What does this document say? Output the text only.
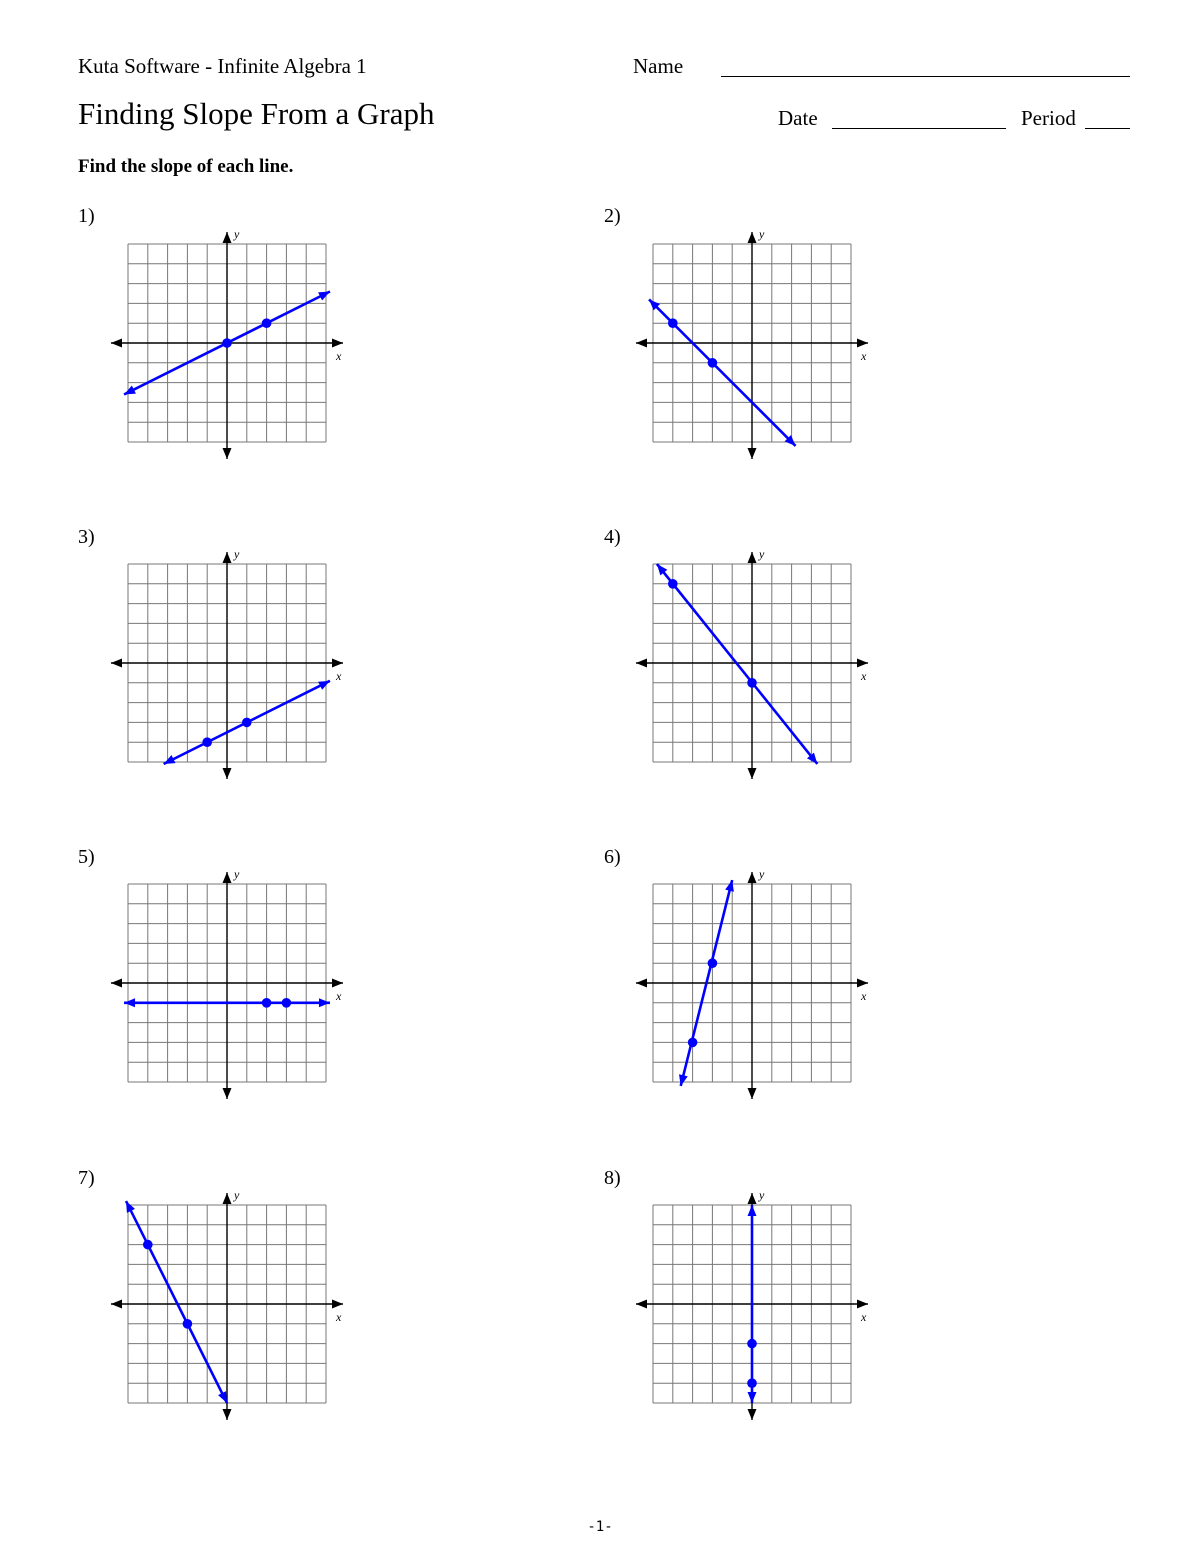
Kuta Software - Infinite Algebra 1	Name
Finding Slope From a Graph	Date	Period
Find the slope of each line.
1)
x
y
2)
x
y
3)
x
y
4)
x
y
5)
x
y
6)
x
y
7)
x
y
8)
x
y
-1-
